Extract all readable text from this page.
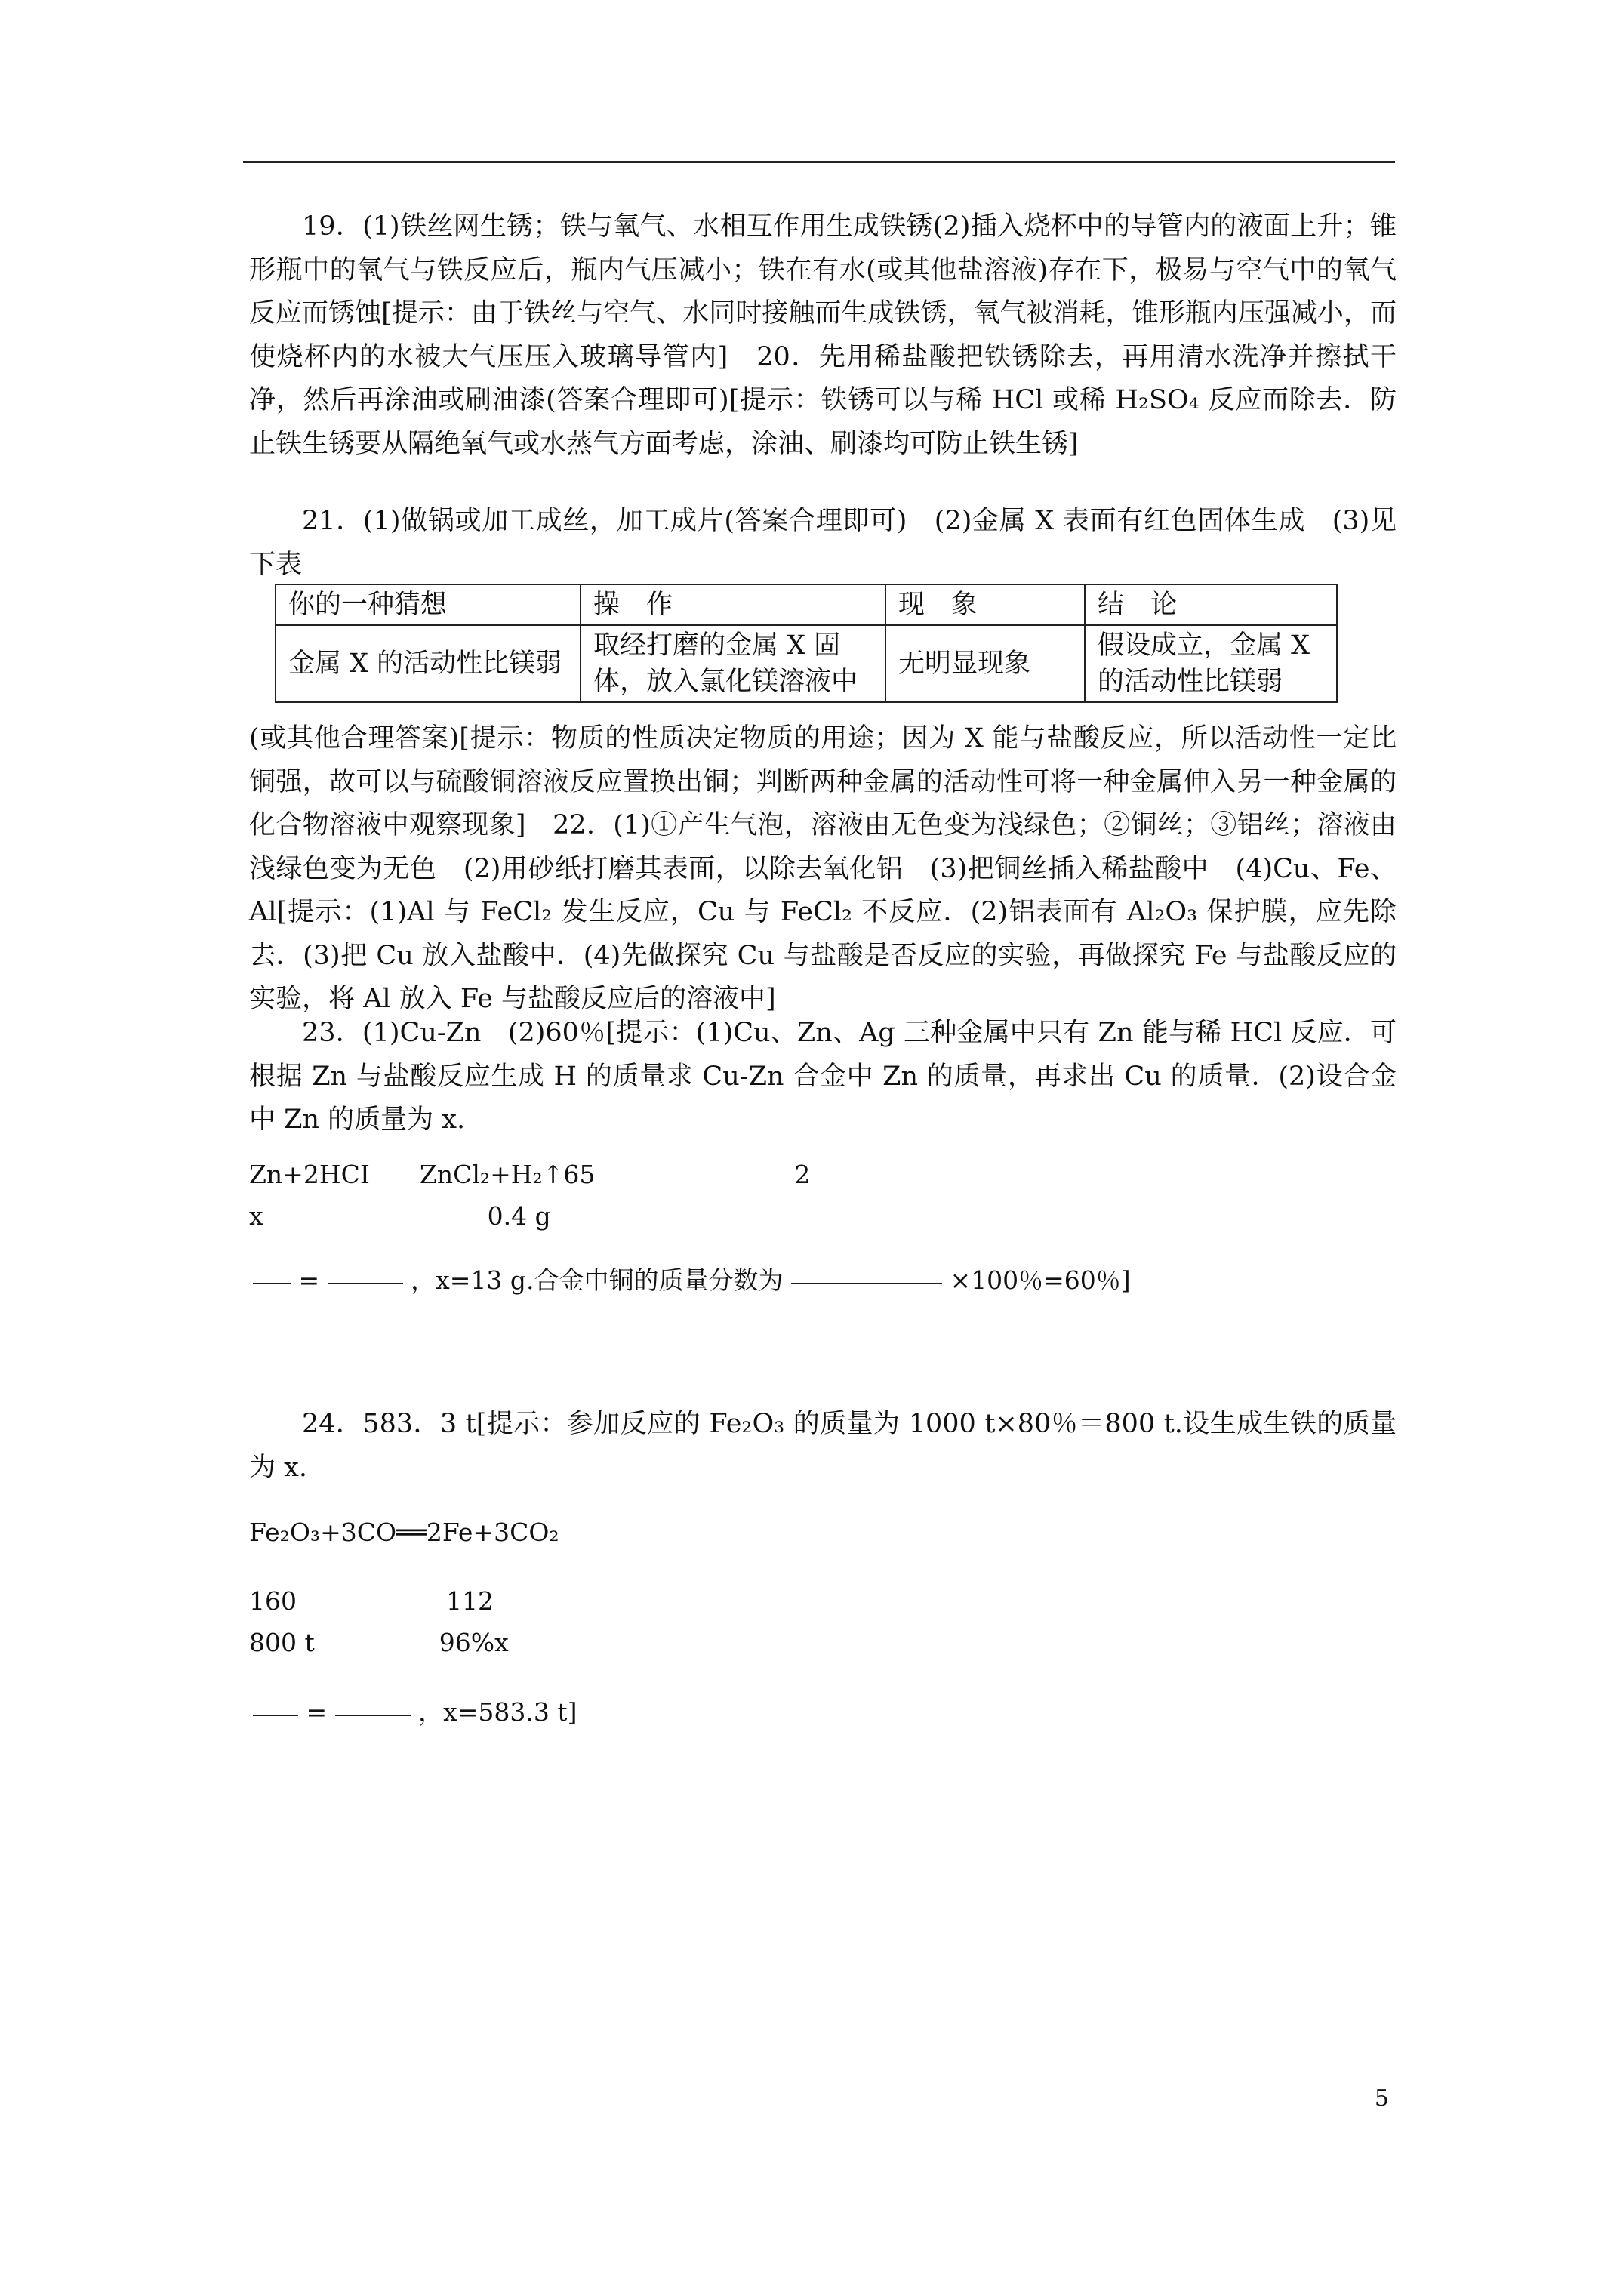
19．(1)铁丝网生锈；铁与氧气、水相互作用生成铁锈(2)插入烧杯中的导管内的液面上升；锥形瓶中的氧气与铁反应后，瓶内气压减小；铁在有水(或其他盐溶液)存在下，极易与空气中的氧气反应而锈蚀[提示：由于铁丝与空气、水同时接触而生成铁锈，氧气被消耗，锥形瓶内压强减小，而使烧杯内的水被大气压压入玻璃导管内]　20．先用稀盐酸把铁锈除去，再用清水洗净并擦拭干净，然后再涂油或刷油漆(答案合理即可)[提示：铁锈可以与稀 HCl 或稀 H₂SO₄ 反应而除去．防止铁生锈要从隔绝氧气或水蒸气方面考虑，涂油、刷漆均可防止铁生锈]

21．(1)做锅或加工成丝，加工成片(答案合理即可)　(2)金属 X 表面有红色固体生成　(3)见下表

你的一种猜想	操　作	现　象	结　论
金属 X 的活动性比镁弱	取经打磨的金属 X 固体，放入氯化镁溶液中	无明显现象	假设成立，金属 X 的活动性比镁弱

(或其他合理答案)[提示：物质的性质决定物质的用途；因为 X 能与盐酸反应，所以活动性一定比铜强，故可以与硫酸铜溶液反应置换出铜；判断两种金属的活动性可将一种金属伸入另一种金属的化合物溶液中观察现象]　22．(1)①产生气泡，溶液由无色变为浅绿色；②铜丝；③铝丝；溶液由浅绿色变为无色　(2)用砂纸打磨其表面，以除去氧化铝　(3)把铜丝插入稀盐酸中　(4)Cu、Fe、Al[提示：(1)Al 与 FeCl₂ 发生反应，Cu 与 FeCl₂ 不反应．(2)铝表面有 Al₂O₃ 保护膜，应先除去．(3)把 Cu 放入盐酸中．(4)先做探究 Cu 与盐酸是否反应的实验，再做探究 Fe 与盐酸反应的实验，将 Al 放入 Fe 与盐酸反应后的溶液中]

23．(1)Cu-Zn　(2)60％[提示：(1)Cu、Zn、Ag 三种金属中只有 Zn 能与稀 HCl 反应．可根据 Zn 与盐酸反应生成 H 的质量求 Cu-Zn 合金中 Zn 的质量，再求出 Cu 的质量．(2)设合金中 Zn 的质量为 x.

Zn+2HCI　　ZnCl₂+H₂↑65　　　　　　　　2
x　　　　　　　　　0.4 g
=	，x=13 g.合金中铜的质量分数为	×100％=60％]

24．583．3 t[提示：参加反应的 Fe₂O₃ 的质量为 1000 t×80％＝800 t.设生成生铁的质量为 x.

Fe₂O₃+3CO══2Fe+3CO₂
160　　　　　　112
800 t　　　　　96%x
=	，x=583.3 t]
5
